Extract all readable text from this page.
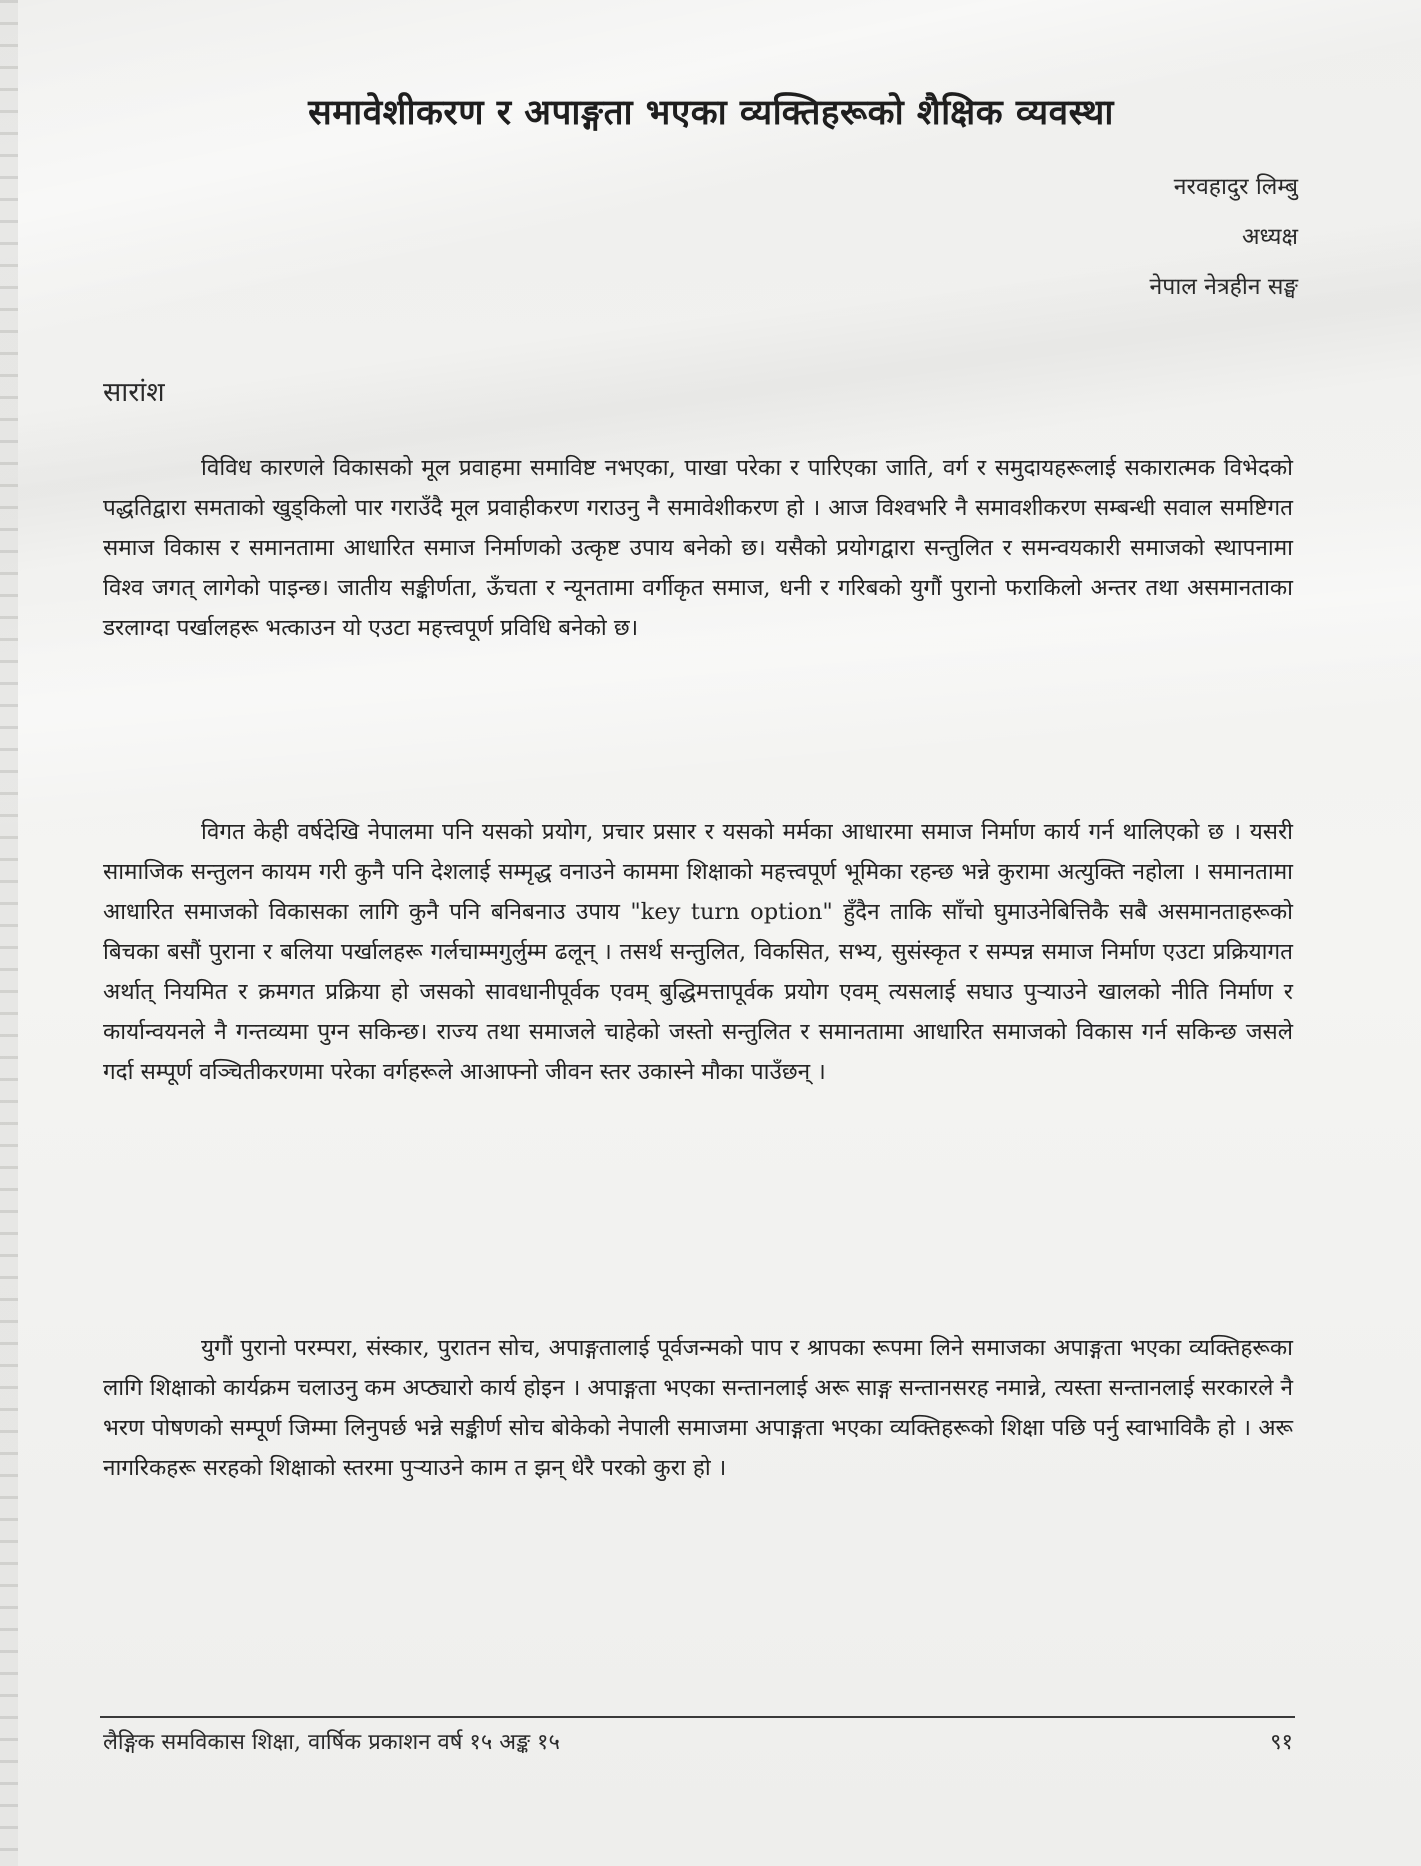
समावेशीकरण र अपाङ्गता भएका व्यक्तिहरूको शैक्षिक व्यवस्था
नरवहादुर लिम्बु
अध्यक्ष
नेपाल नेत्रहीन सङ्घ
सारांश

विविध कारणले विकासको मूल प्रवाहमा समाविष्ट नभएका, पाखा परेका र पारिएका जाति, वर्ग र समुदायहरूलाई सकारात्मक विभेदको पद्धतिद्वारा समताको खुड्किलो पार गराउँदै मूल प्रवाहीकरण गराउनु नै समावेशीकरण हो । आज विश्वभरि नै समावशीकरण सम्बन्धी सवाल समष्टिगत समाज विकास र समानतामा आधारित समाज निर्माणको उत्कृष्ट उपाय बनेको छ। यसैको प्रयोगद्वारा सन्तुलित र समन्वयकारी समाजको स्थापनामा विश्व जगत् लागेको पाइन्छ। जातीय सङ्कीर्णता, ऊँचता र न्यूनतामा वर्गीकृत समाज, धनी र गरिबको युगौं पुरानो फराकिलो अन्तर तथा असमानताका डरलाग्दा पर्खालहरू भत्काउन यो एउटा महत्त्वपूर्ण प्रविधि बनेको छ।

विगत केही वर्षदेखि नेपालमा पनि यसको प्रयोग, प्रचार प्रसार र यसको मर्मका आधारमा समाज निर्माण कार्य गर्न थालिएको छ । यसरी सामाजिक सन्तुलन कायम गरी कुनै पनि देशलाई सम्मृद्ध वनाउने काममा शिक्षाको महत्त्वपूर्ण भूमिका रहन्छ भन्ने कुरामा अत्युक्ति नहोला । समानतामा आधारित समाजको विकासका लागि कुनै पनि बनिबनाउ उपाय "key turn option" हुँदैन ताकि साँचो घुमाउनेबित्तिकै सबै असमानताहरूको बिचका बसौं पुराना र बलिया पर्खालहरू गर्लचाम्मगुर्लुम्म ढलून् । तसर्थ सन्तुलित, विकसित, सभ्य, सुसंस्कृत र सम्पन्न समाज निर्माण एउटा प्रक्रियागत अर्थात् नियमित र क्रमगत प्रक्रिया हो जसको सावधानीपूर्वक एवम् बुद्धिमत्तापूर्वक प्रयोग एवम् त्यसलाई सघाउ पुऱ्याउने खालको नीति निर्माण र कार्यान्वयनले नै गन्तव्यमा पुग्न सकिन्छ। राज्य तथा समाजले चाहेको जस्तो सन्तुलित र समानतामा आधारित समाजको विकास गर्न सकिन्छ जसले गर्दा सम्पूर्ण वञ्चितीकरणमा परेका वर्गहरूले आआफ्नो जीवन स्तर उकास्ने मौका पाउँछन् ।

युगौं पुरानो परम्परा, संस्कार, पुरातन सोच, अपाङ्गतालाई पूर्वजन्मको पाप र श्रापका रूपमा लिने समाजका अपाङ्गता भएका व्यक्तिहरूका लागि शिक्षाको कार्यक्रम चलाउनु कम अप्ठ्यारो कार्य होइन । अपाङ्गता भएका सन्तानलाई अरू साङ्ग सन्तानसरह नमान्ने, त्यस्ता सन्तानलाई सरकारले नै भरण पोषणको सम्पूर्ण जिम्मा लिनुपर्छ भन्ने सङ्कीर्ण सोच बोकेको नेपाली समाजमा अपाङ्गता भएका व्यक्तिहरूको शिक्षा पछि पर्नु स्वाभाविकै हो । अरू नागरिकहरू सरहको शिक्षाको स्तरमा पुऱ्याउने काम त झन् धेरै परको कुरा हो ।

लैङ्गिक समविकास शिक्षा, वार्षिक प्रकाशन वर्ष १५ अङ्क १५	९१
